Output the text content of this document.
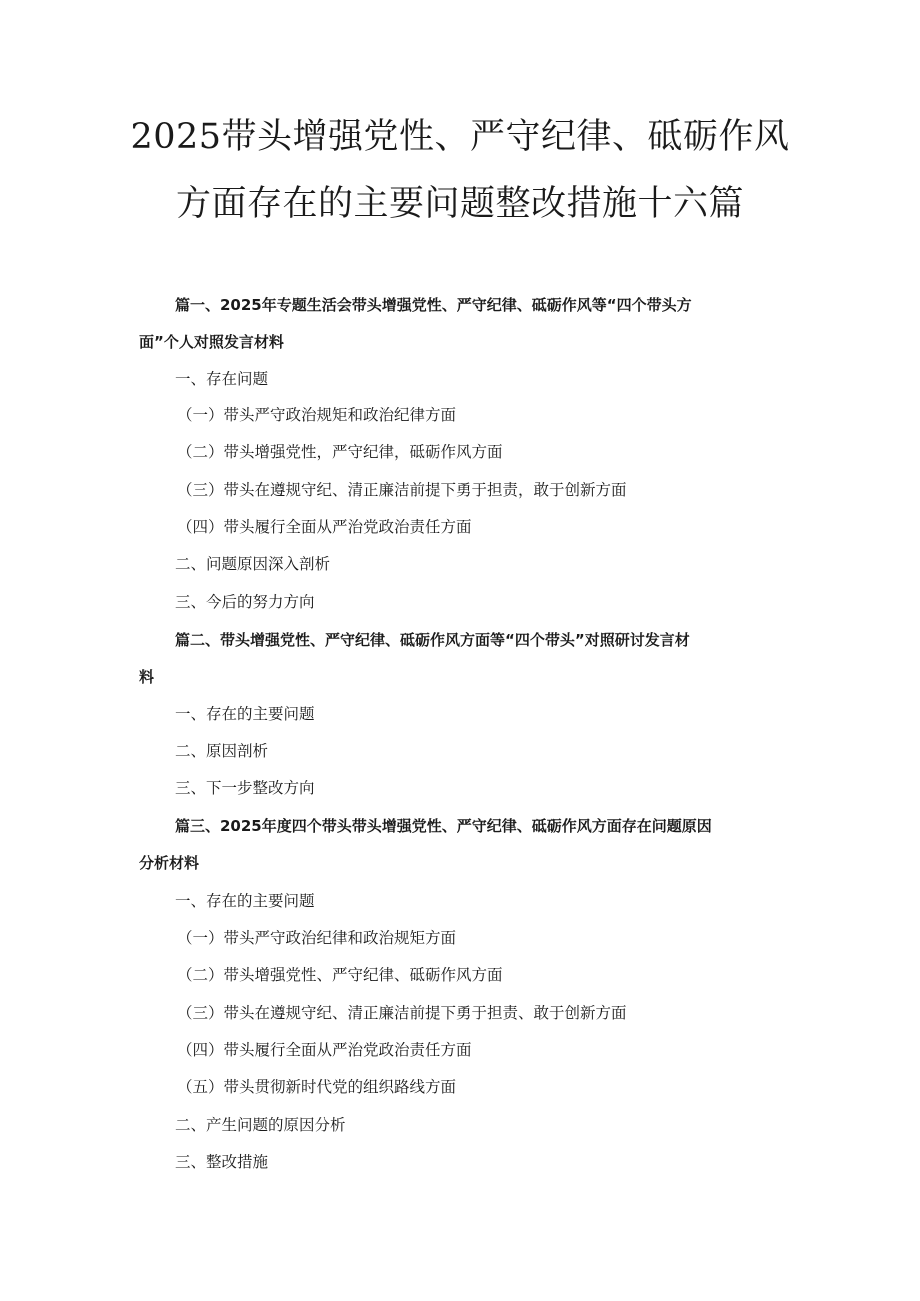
2025带头增强党性、严守纪律、砥砺作风
方面存在的主要问题整改措施十六篇
篇一、2025年专题生活会带头增强党性、严守纪律、砥砺作风等“四个带头方
面”个人对照发言材料
一、存在问题
（一）带头严守政治规矩和政治纪律方面
（二）带头增强党性，严守纪律，砥砺作风方面
（三）带头在遵规守纪、清正廉洁前提下勇于担责，敢于创新方面
（四）带头履行全面从严治党政治责任方面
二、问题原因深入剖析
三、今后的努力方向
篇二、带头增强党性、严守纪律、砥砺作风方面等“四个带头”对照研讨发言材
料
一、存在的主要问题
二、原因剖析
三、下一步整改方向
篇三、2025年度四个带头带头增强党性、严守纪律、砥砺作风方面存在问题原因
分析材料
一、存在的主要问题
（一）带头严守政治纪律和政治规矩方面
（二）带头增强党性、严守纪律、砥砺作风方面
（三）带头在遵规守纪、清正廉洁前提下勇于担责、敢于创新方面
（四）带头履行全面从严治党政治责任方面
（五）带头贯彻新时代党的组织路线方面
二、产生问题的原因分析
三、整改措施
